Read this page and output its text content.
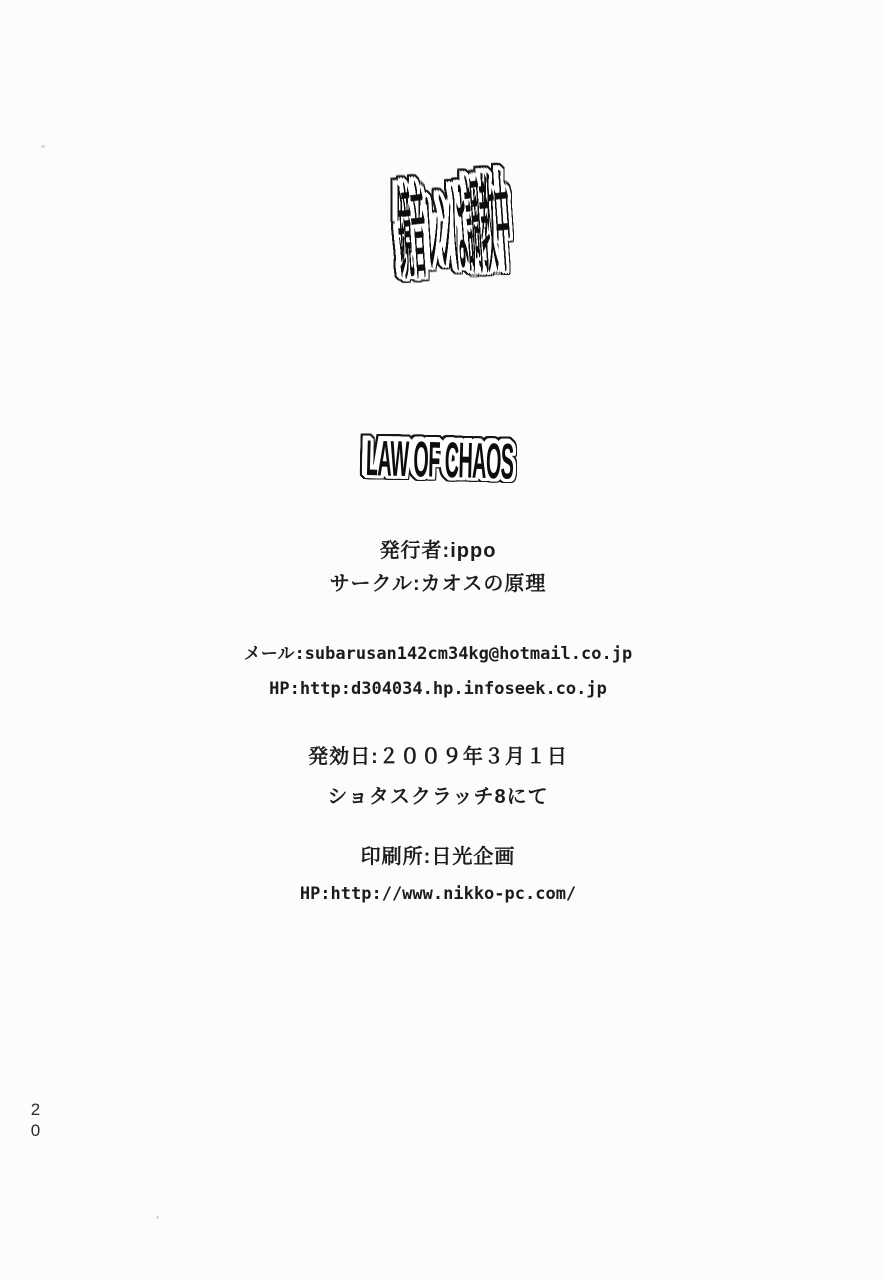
鏡音レンは調教中
LAW OF CHAOS
発行者:ippo
サークル:カオスの原理
メール:subarusan142cm34kg@hotmail.co.jp
HP:http:d304034.hp.infoseek.co.jp
発効日:２００９年３月１日
ショタスクラッチ8にて
印刷所:日光企画
HP:http://www.nikko-pc.com/
20
